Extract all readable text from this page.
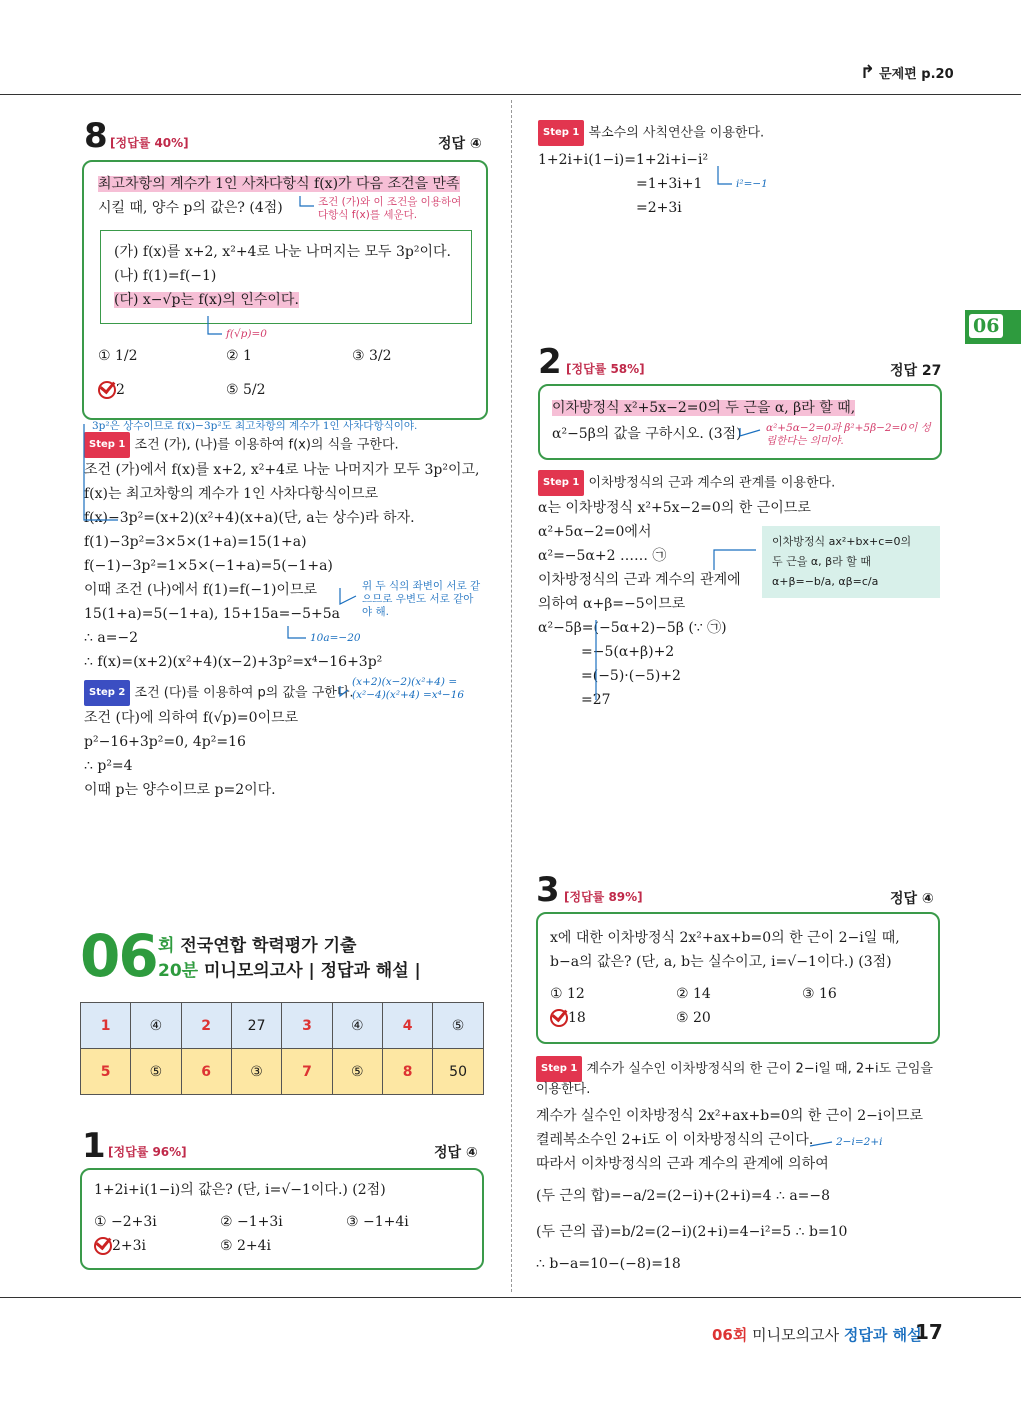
↱ 문제편 p.20
06
8 [정답률 40%]	정답 ④
최고차항의 계수가 1인 사차다항식 f(x)가 다음 조건을 만족
시킬 때, 양수 p의 값은? (4점)	조건 (가)와 이 조건을 이용하여 다항식 f(x)를 세운다.
(가) f(x)를 x+2, x²+4로 나눈 나머지는 모두 3p²이다.
(나) f(1)=f(−1)
(다) x−√p는 f(x)의 인수이다.
f(√p)=0
① 1/2	② 1	③ 3/2
2	⑤ 5/2
3p²은 상수이므로 f(x)−3p²도 최고차항의 계수가 1인 사차다항식이야.
Step 1 조건 (가), (나)를 이용하여 f(x)의 식을 구한다.
조건 (가)에서 f(x)를 x+2, x²+4로 나눈 나머지가 모두 3p²이고,
f(x)는 최고차항의 계수가 1인 사차다항식이므로
f(x)−3p²=(x+2)(x²+4)(x+a)(단, a는 상수)라 하자.
f(1)−3p²=3×5×(1+a)=15(1+a)
f(−1)−3p²=1×5×(−1+a)=5(−1+a)
이때 조건 (나)에서 f(1)=f(−1)이므로
15(1+a)=5(−1+a), 15+15a=−5+5a
∴ a=−2
∴ f(x)=(x+2)(x²+4)(x−2)+3p²=x⁴−16+3p²
위 두 식의 좌변이 서로 같으므로 우변도 서로 같아야 해.
10a=−20
(x+2)(x−2)(x²+4) =(x²−4)(x²+4) =x⁴−16
Step 2 조건 (다)를 이용하여 p의 값을 구한다.
조건 (다)에 의하여 f(√p)=0이므로
p²−16+3p²=0, 4p²=16
∴ p²=4
이때 p는 양수이므로 p=2이다.
06 회 전국연합 학력평가 기출
20분 미니모의고사 | 정답과 해설 |
1	④	2	27	3	④	4	⑤
5	⑤	6	③	7	⑤	8	50
1 [정답률 96%]	정답 ④
1+2i+i(1−i)의 값은? (단, i=√−1이다.) (2점)
① −2+3i	② −1+3i	③ −1+4i
2+3i	⑤ 2+4i
Step 1 복소수의 사칙연산을 이용한다.
1+2i+i(1−i)=1+2i+i−i²
=1+3i+1
=2+3i
i²=−1
2 [정답률 58%]	정답 27
이차방정식 x²+5x−2=0의 두 근을 α, β라 할 때,
α²−5β의 값을 구하시오. (3점) α²+5α−2=0과 β²+5β−2=0이 성립한다는 의미야.
Step 1 이차방정식의 근과 계수의 관계를 이용한다.
α는 이차방정식 x²+5x−2=0의 한 근이므로
α²+5α−2=0에서
α²=−5α+2 …… ㉠
이차방정식의 근과 계수의 관계에
의하여 α+β=−5이므로
α²−5β=(−5α+2)−5β (∵ ㉠)
=−5(α+β)+2
=(−5)·(−5)+2
=27
이차방정식 ax²+bx+c=0의
두 근을 α, β라 할 때
α+β=−b/a, αβ=c/a
3 [정답률 89%]	정답 ④
x에 대한 이차방정식 2x²+ax+b=0의 한 근이 2−i일 때,
b−a의 값은? (단, a, b는 실수이고, i=√−1이다.) (3점)
① 12	② 14	③ 16
18	⑤ 20
Step 1 계수가 실수인 이차방정식의 한 근이 2−i일 때, 2+i도 근임을
이용한다.
계수가 실수인 이차방정식 2x²+ax+b=0의 한 근이 2−i이므로
켤레복소수인 2+i도 이 이차방정식의 근이다.
따라서 이차방정식의 근과 계수의 관계에 의하여
(두 근의 합)=−a/2=(2−i)+(2+i)=4 ∴ a=−8
(두 근의 곱)=b/2=(2−i)(2+i)=4−i²=5 ∴ b=10
∴ b−a=10−(−8)=18
2−i=2+i
06회 미니모의고사 정답과 해설
17
